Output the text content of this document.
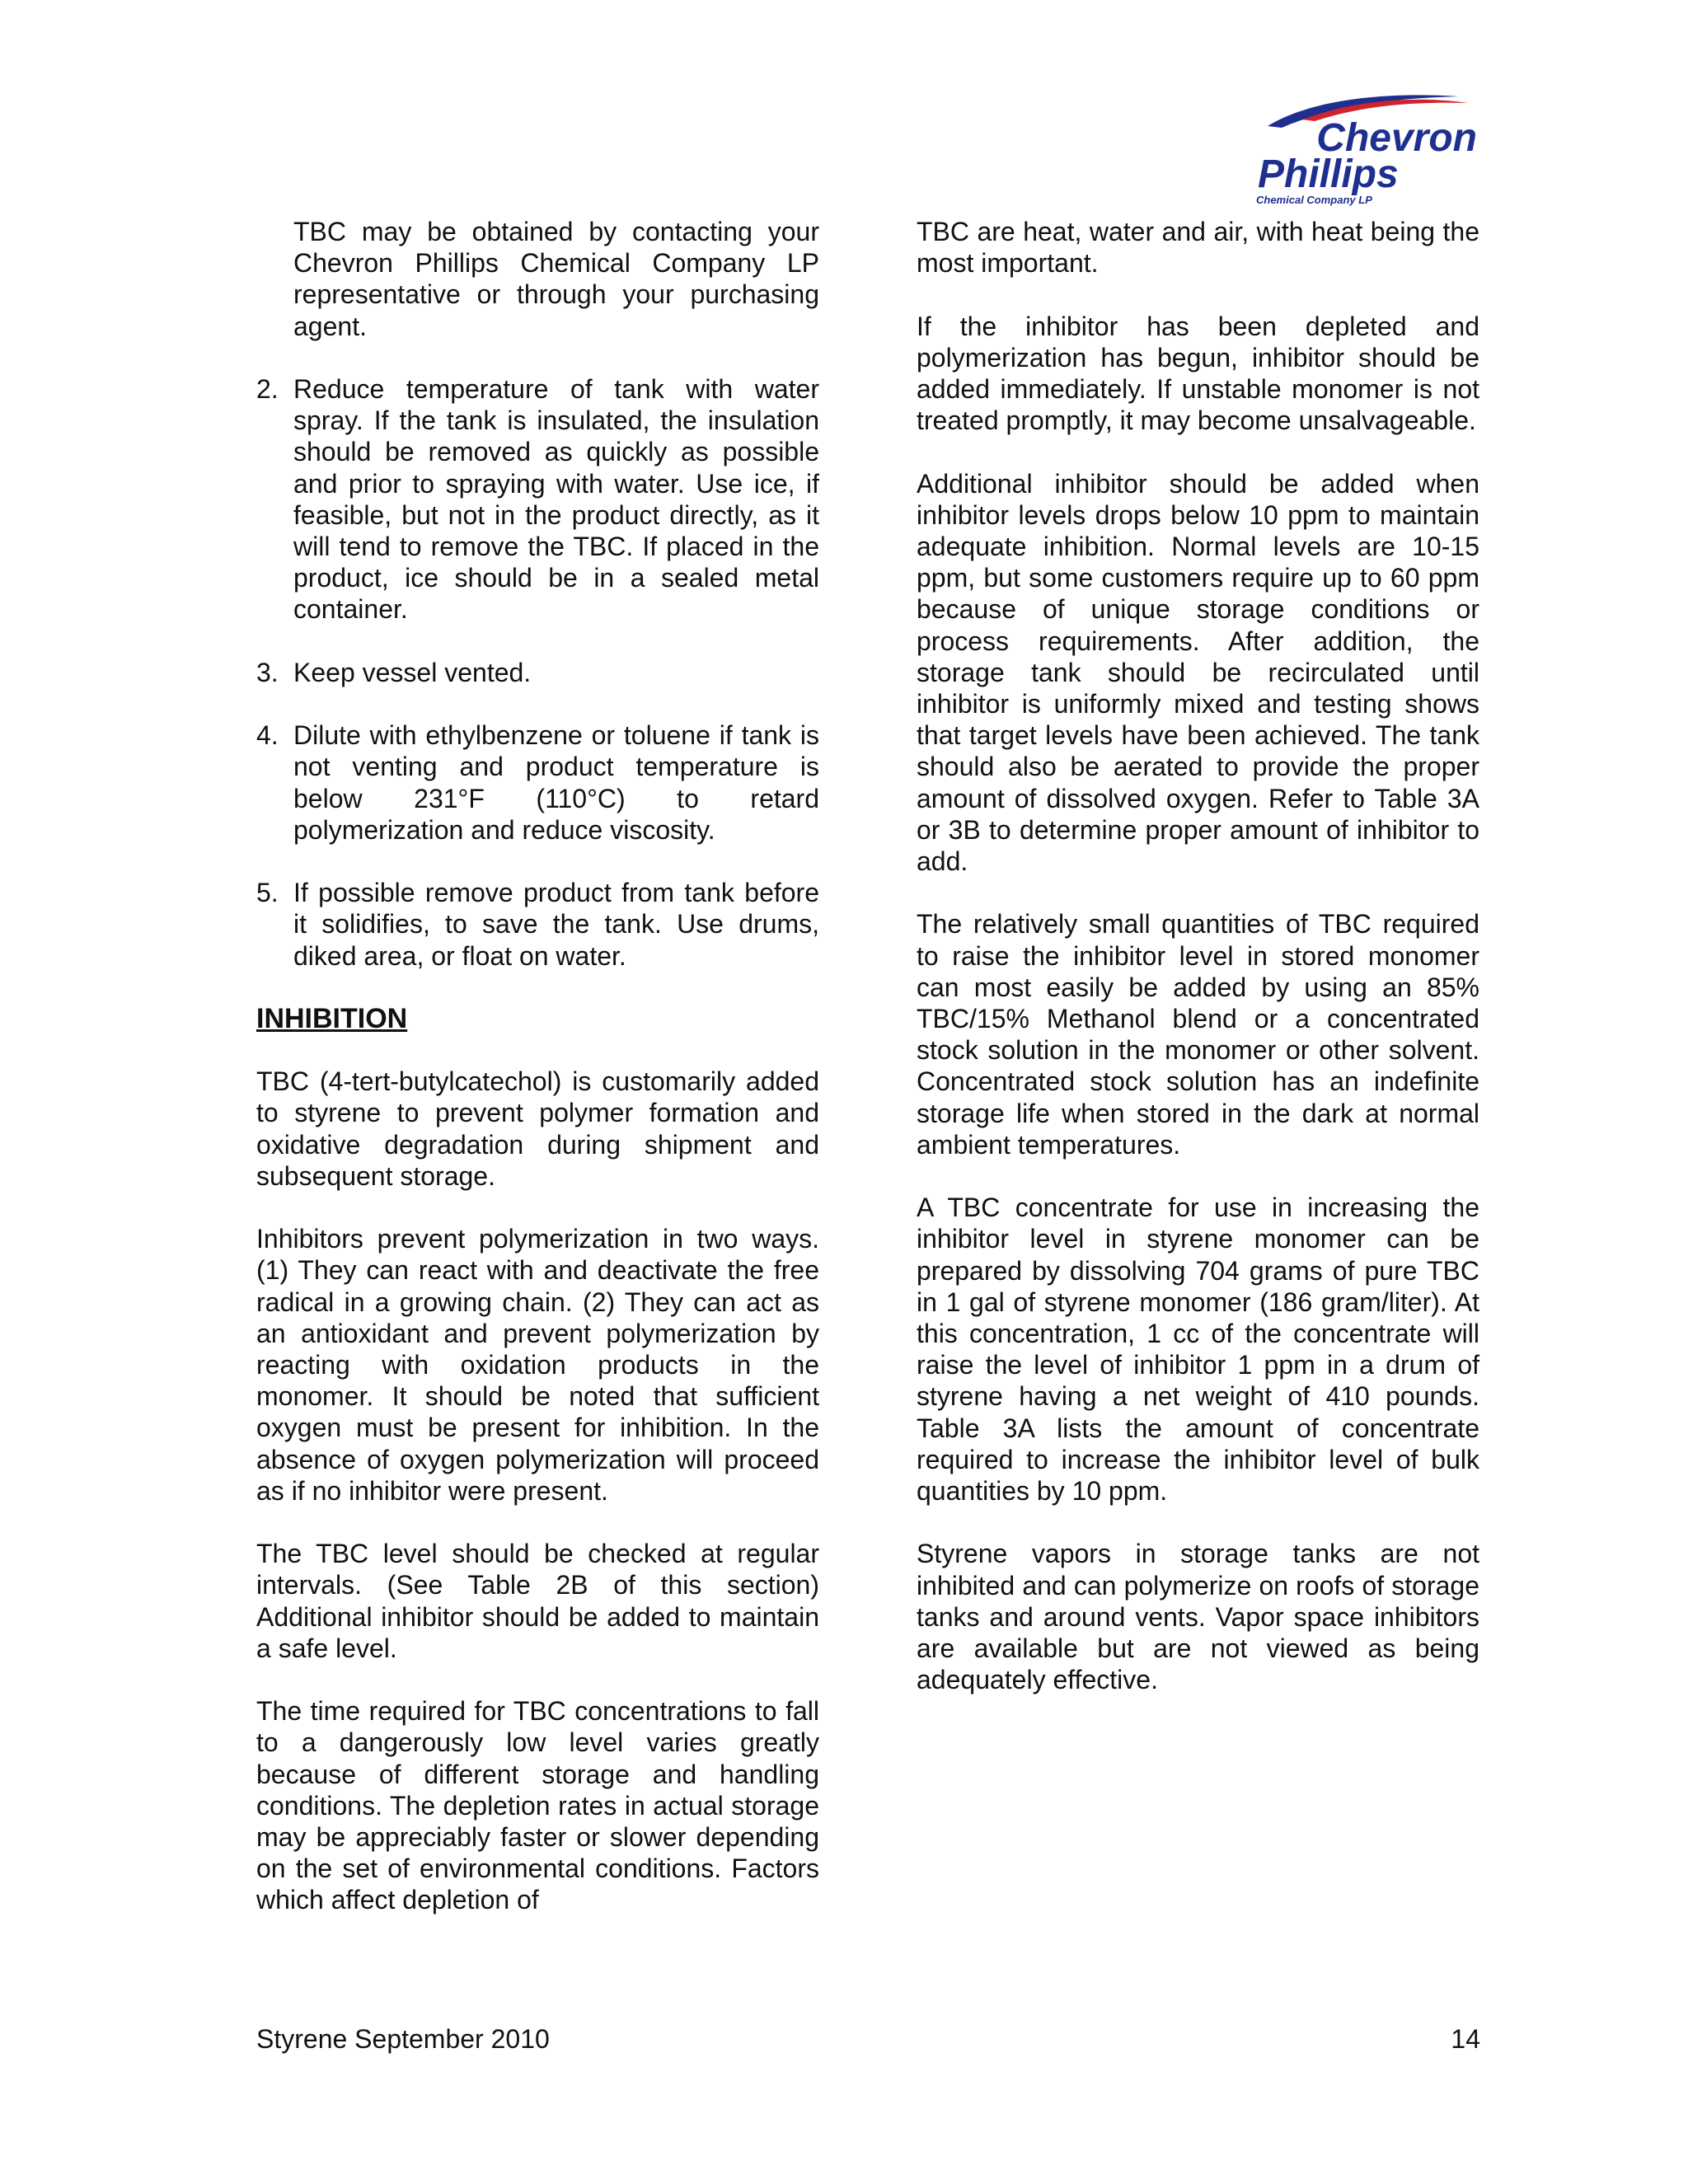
Chevron
Phillips
Chemical Company LP

TBC may be obtained by contacting your Chevron Phillips Chemical Company LP representative or through your purchasing agent.

2. Reduce temperature of tank with water spray. If the tank is insulated, the insulation should be removed as quickly as possible and prior to spraying with water. Use ice, if feasible, but not in the product directly, as it will tend to remove the TBC. If placed in the product, ice should be in a sealed metal container.
3. Keep vessel vented.
4. Dilute with ethylbenzene or toluene if tank is not venting and product temperature is below 231°F (110°C) to retard polymerization and reduce viscosity.
5. If possible remove product from tank before it solidifies, to save the tank. Use drums, diked area, or float on water.
INHIBITION

TBC (4-tert-butylcatechol) is customarily added to styrene to prevent polymer formation and oxidative degradation during shipment and subsequent storage.

Inhibitors prevent polymerization in two ways. (1) They can react with and deactivate the free radical in a growing chain. (2) They can act as an antioxidant and prevent polymerization by reacting with oxidation products in the monomer. It should be noted that sufficient oxygen must be present for inhibition. In the absence of oxygen polymerization will proceed as if no inhibitor were present.

The TBC level should be checked at regular intervals. (See Table 2B of this section) Additional inhibitor should be added to maintain a safe level.

The time required for TBC concentrations to fall to a dangerously low level varies greatly because of different storage and handling conditions. The depletion rates in actual storage may be appreciably faster or slower depending on the set of environmental conditions. Factors which affect depletion of

TBC are heat, water and air, with heat being the most important.

If the inhibitor has been depleted and polymerization has begun, inhibitor should be added immediately. If unstable monomer is not treated promptly, it may become unsalvageable.

Additional inhibitor should be added when inhibitor levels drops below 10 ppm to maintain adequate inhibition. Normal levels are 10-15 ppm, but some customers require up to 60 ppm because of unique storage conditions or process requirements. After addition, the storage tank should be recirculated until inhibitor is uniformly mixed and testing shows that target levels have been achieved. The tank should also be aerated to provide the proper amount of dissolved oxygen. Refer to Table 3A or 3B to determine proper amount of inhibitor to add.

The relatively small quantities of TBC required to raise the inhibitor level in stored monomer can most easily be added by using an 85% TBC/15% Methanol blend or a concentrated stock solution in the monomer or other solvent. Concentrated stock solution has an indefinite storage life when stored in the dark at normal ambient temperatures.

A TBC concentrate for use in increasing the inhibitor level in styrene monomer can be prepared by dissolving 704 grams of pure TBC in 1 gal of styrene monomer (186 gram/liter). At this concentration, 1 cc of the concentrate will raise the level of inhibitor 1 ppm in a drum of styrene having a net weight of 410 pounds. Table 3A lists the amount of concentrate required to increase the inhibitor level of bulk quantities by 10 ppm.

Styrene vapors in storage tanks are not inhibited and can polymerize on roofs of storage tanks and around vents. Vapor space inhibitors are available but are not viewed as being adequately effective.

Styrene September 2010	14
